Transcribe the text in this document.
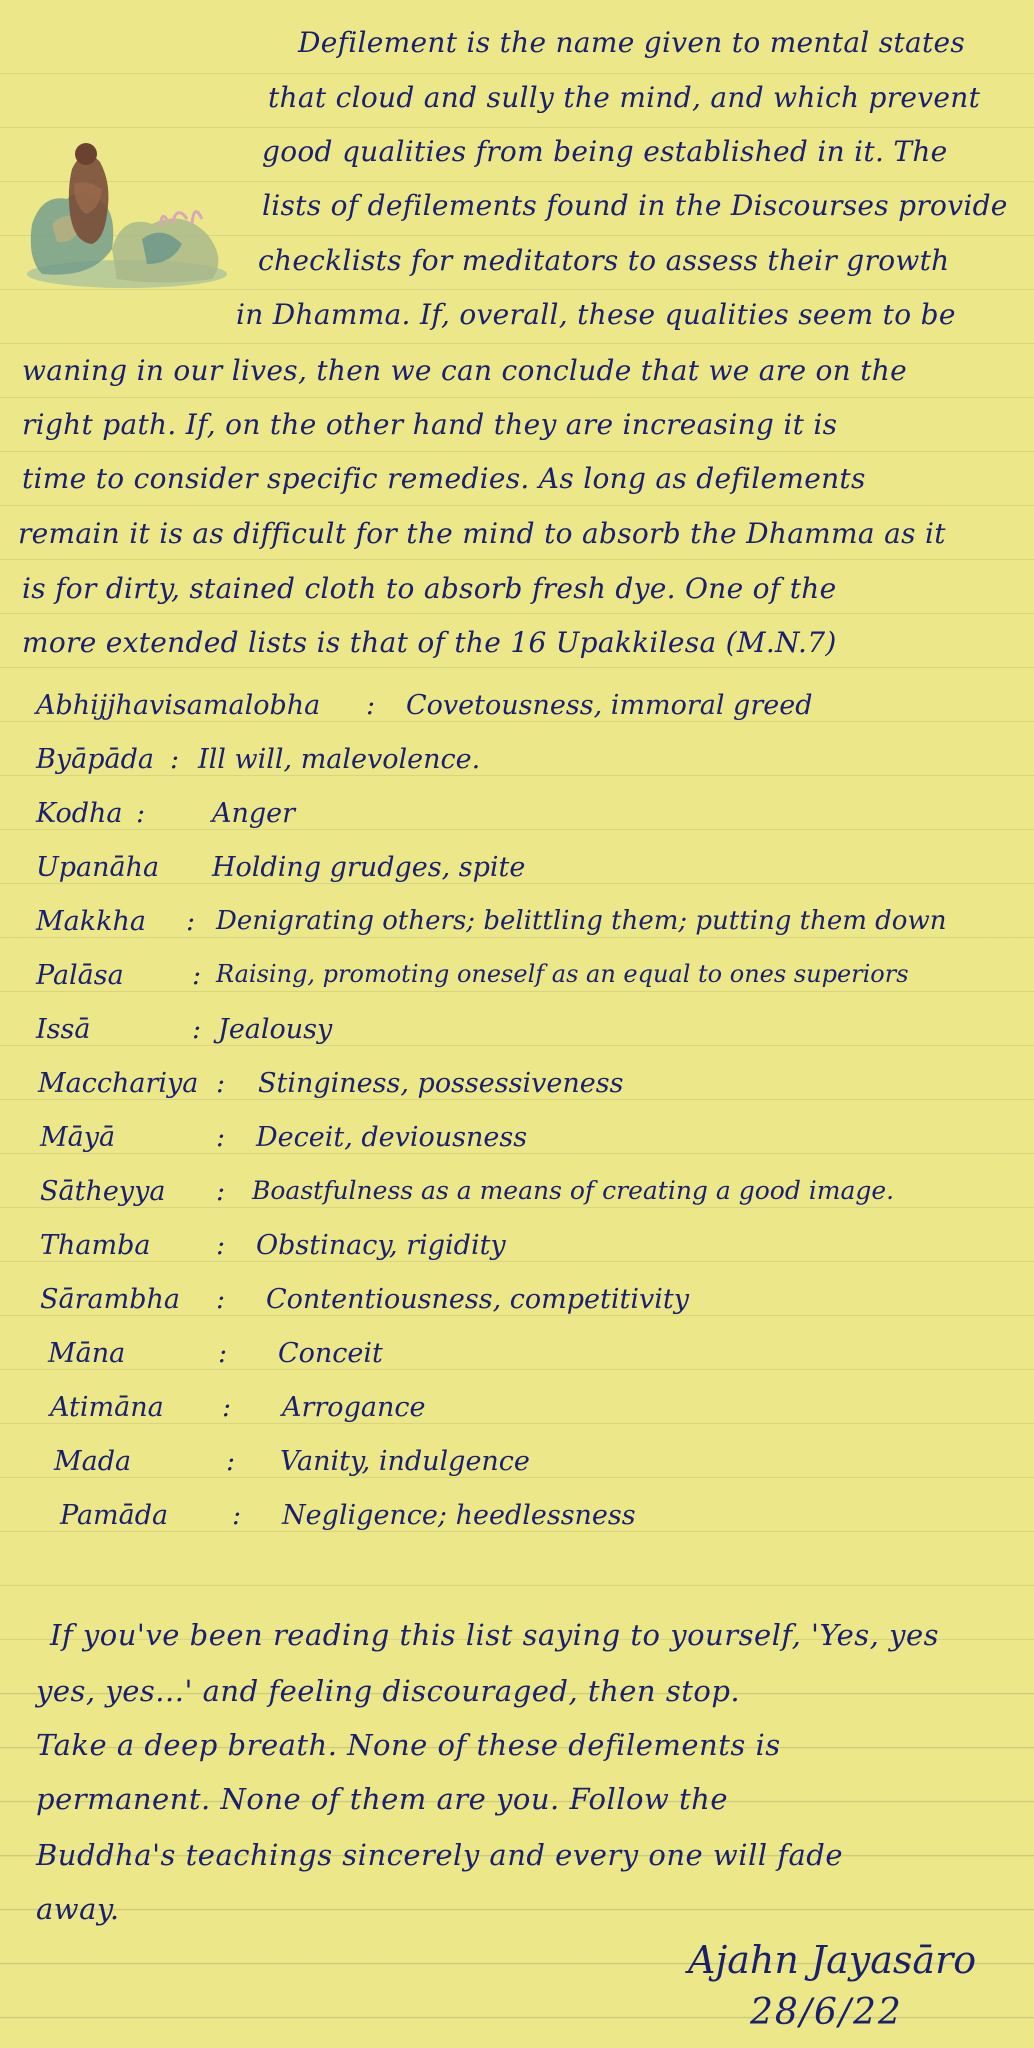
Defilement is the name given to mental states
that cloud and sully the mind, and which prevent
good qualities from being established in it. The
lists of defilements found in the Discourses provide
checklists for meditators to assess their growth
in Dhamma. If, overall, these qualities seem to be
waning in our lives, then we can conclude that we are on the
right path. If, on the other hand they are increasing it is
time to consider specific remedies. As long as defilements
remain it is as difficult for the mind to absorb the Dhamma as it
is for dirty, stained cloth to absorb fresh dye. One of the
more extended lists is that of the 16 Upakkilesa (M.N.7)
Abhijjhavisamalobha : Covetousness, immoral greed
Byāpāda : Ill will, malevolence.
Kodha : Anger
Upanāha Holding grudges, spite
Makkha : Denigrating others; belittling them; putting them down
Palāsa	: Raising, promoting oneself as an equal to ones superiors
Issā	: Jealousy
Macchariya : Stinginess, possessiveness
Māyā	: Deceit, deviousness
Sātheyya : Boastfulness as a means of creating a good image.
Thamba : Obstinacy, rigidity
Sārambha : Contentiousness, competitivity
Māna	: Conceit
Atimāna : Arrogance
Mada	: Vanity, indulgence
Pamāda : Negligence; heedlessness
If you've been reading this list saying to yourself, 'Yes, yes
yes, yes...' and feeling discouraged, then stop.
Take a deep breath. None of these defilements is
permanent. None of them are you. Follow the
Buddha's teachings sincerely and every one will fade
away.
Ajahn Jayasāro
28/6/22
